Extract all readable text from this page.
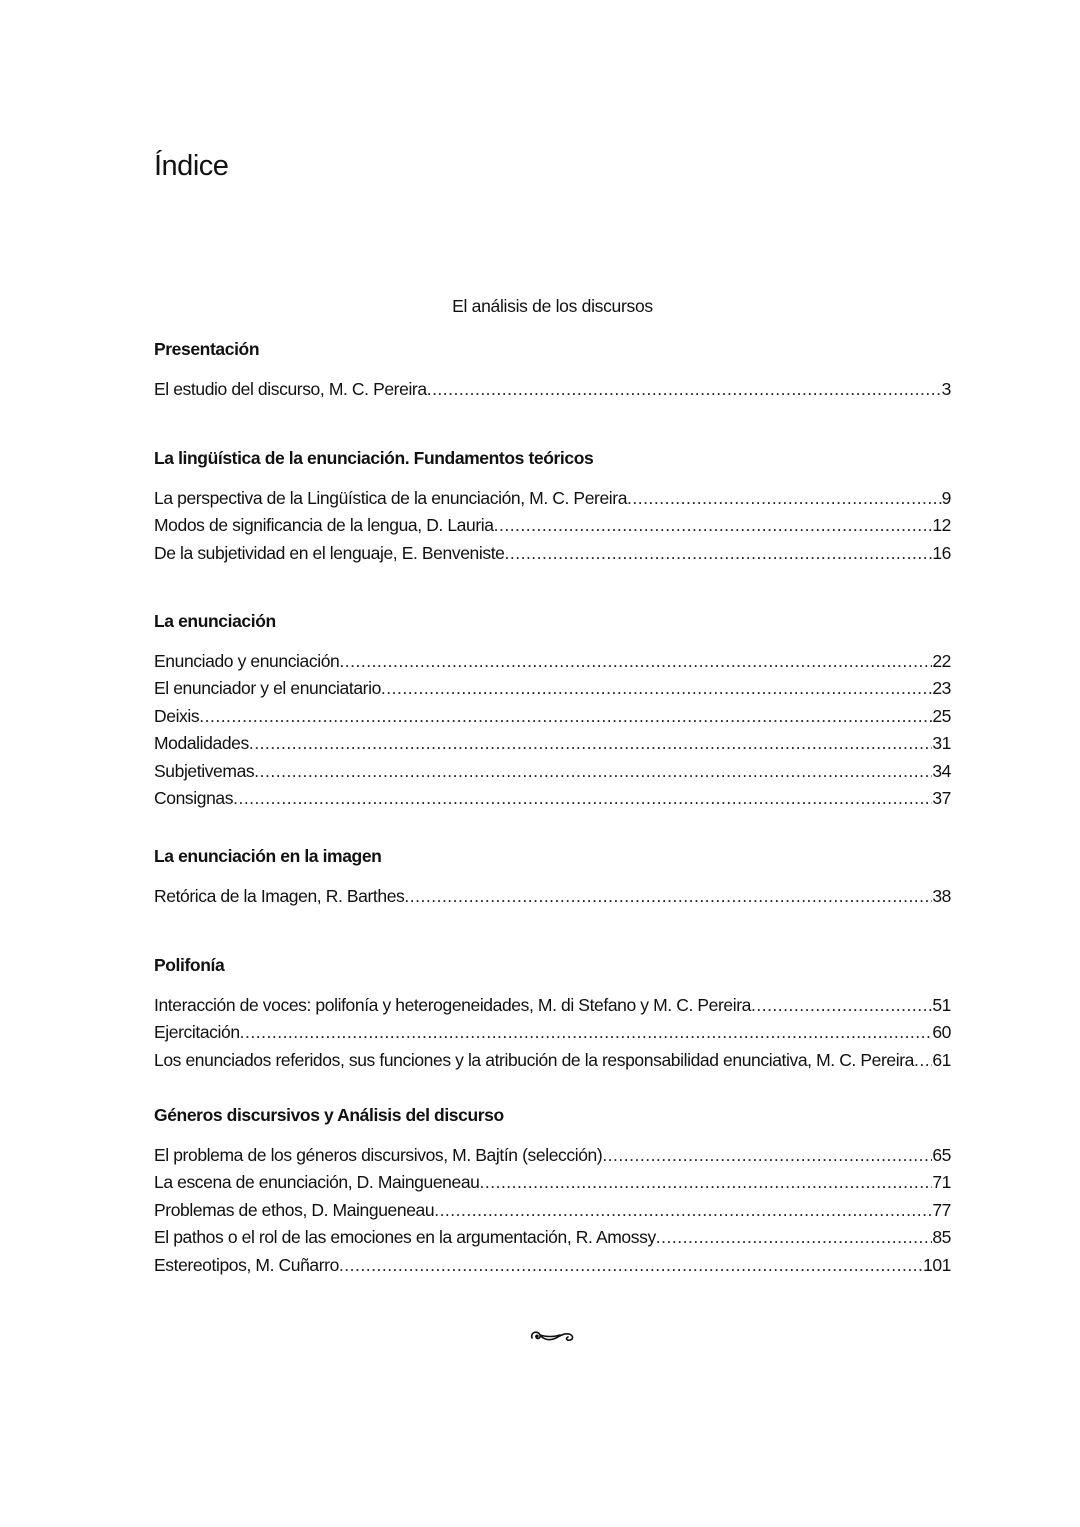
Índice
El análisis de los discursos
Presentación
El estudio del discurso, M. C. Pereira .....	3
La lingüística de la enunciación. Fundamentos teóricos
La perspectiva de la Lingüística de la enunciación, M. C. Pereira .....	9
Modos de significancia de la lengua, D. Lauria .....	12
De la subjetividad en el lenguaje, E. Benveniste .....	16
La enunciación
Enunciado y enunciación .....	22
El enunciador y el enunciatario .....	23
Deixis .....	25
Modalidades .....	31
Subjetivemas .....	34
Consignas .....	37
La enunciación en la imagen
Retórica de la Imagen, R. Barthes .....	38
Polifonía
Interacción de voces: polifonía y heterogeneidades, M. di Stefano y M. C. Pereira .....	51
Ejercitación .....	60
Los enunciados referidos, sus funciones y la atribución de la responsabilidad enunciativa, M. C. Pereira ..... 61
Géneros discursivos y Análisis del discurso
El problema de los géneros discursivos, M. Bajtín (selección) .....	65
La escena de enunciación, D. Maingueneau .....	71
Problemas de ethos, D. Maingueneau .....	77
El pathos o el rol de las emociones en la argumentación, R. Amossy .....	85
Estereotipos, M. Cuñarro .....	101
